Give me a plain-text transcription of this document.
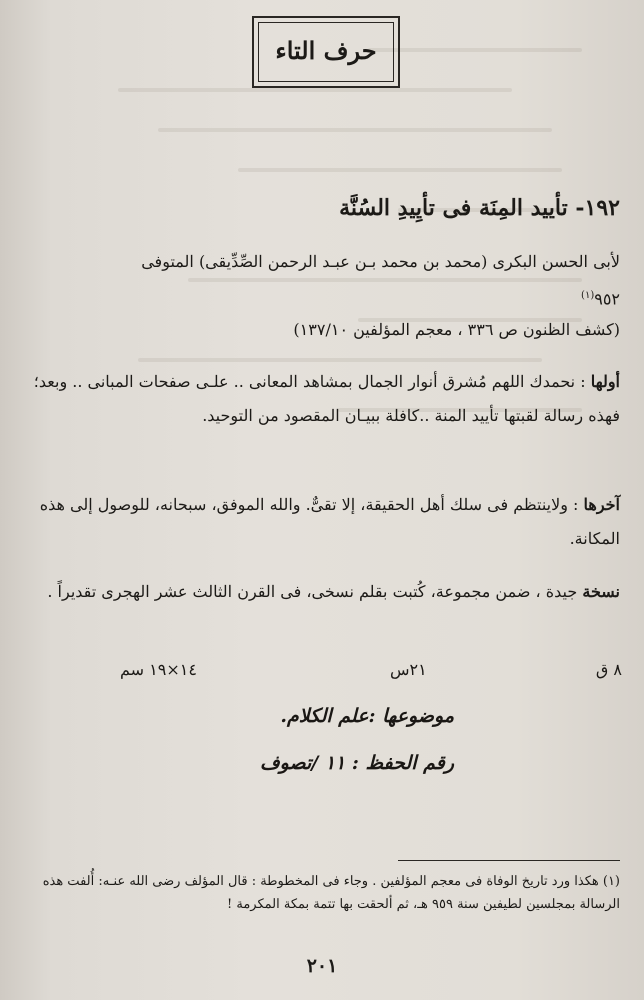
حرف التاء
١٩٢- تأييد المِنَة فى تأيِيدِ السُنَّة
لأبى الحسن البكرى (محمد بن محمد بـن عبـد الرحمن الصِّدِّيقى) المتوفى
٩٥٢$^{(١)}$
(كشف الظنون ص ٣٣٦ ، معجم المؤلفين ١٣٧/١٠)
أولها : نحمدك اللهم مُشرق أنوار الجمال بمشاهد المعانى .. علـى صفحات المبانى .. وبعد؛ فهذه رسالة لقبتها تأييد المنة ..كافلة ببيـان المقصود من التوحيد.
آخرها : ولاينتظم فى سلك أهل الحقيقة، إلا تقىٌّ. والله الموفق، سبحانه، للوصول إلى هذه المكانة.
نسخة جيدة ، ضمن مجموعة، كُتبت بقلم نسخى، فى القرن الثالث عشر الهجرى تقديراً .
١٤×١٩ سم	٢١س	٨ ق
موضوعها :علم الكلام.
رقم الحفظ : ١١ /تصوف
(١) هكذا ورد تاريخ الوفاة فى معجم المؤلفين . وجاء فى المخطوطة : قال المؤلف رضى الله عنـه: أُلفت هذه الرسالة بمجلسين لطيفين سنة ٩٥٩ هـ، ثم ألحقت بها تتمة بمكة المكرمة !
٢٠١
